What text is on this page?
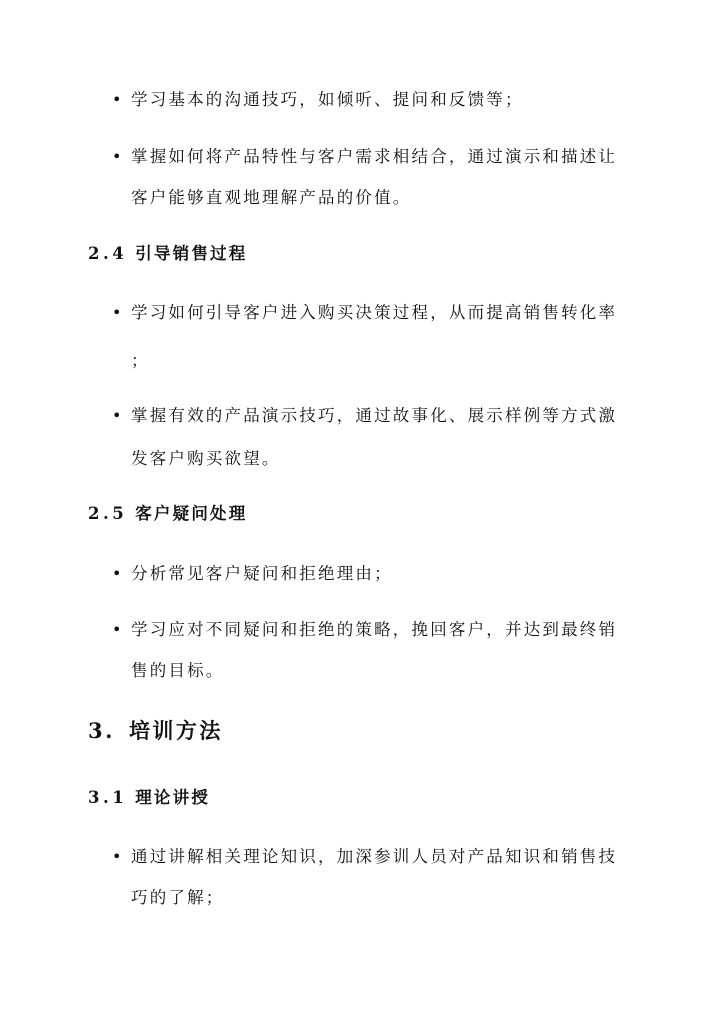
• 学习基本的沟通技巧，如倾听、提问和反馈等；
• 掌握如何将产品特性与客户需求相结合，通过演示和描述让
客户能够直观地理解产品的价值。
2.4 引导销售过程
• 学习如何引导客户进入购买决策过程，从而提高销售转化率
；
• 掌握有效的产品演示技巧，通过故事化、展示样例等方式激
发客户购买欲望。
2.5 客户疑问处理
• 分析常见客户疑问和拒绝理由；
• 学习应对不同疑问和拒绝的策略，挽回客户，并达到最终销
售的目标。
3. 培训方法
3.1 理论讲授
• 通过讲解相关理论知识，加深参训人员对产品知识和销售技
巧的了解；
